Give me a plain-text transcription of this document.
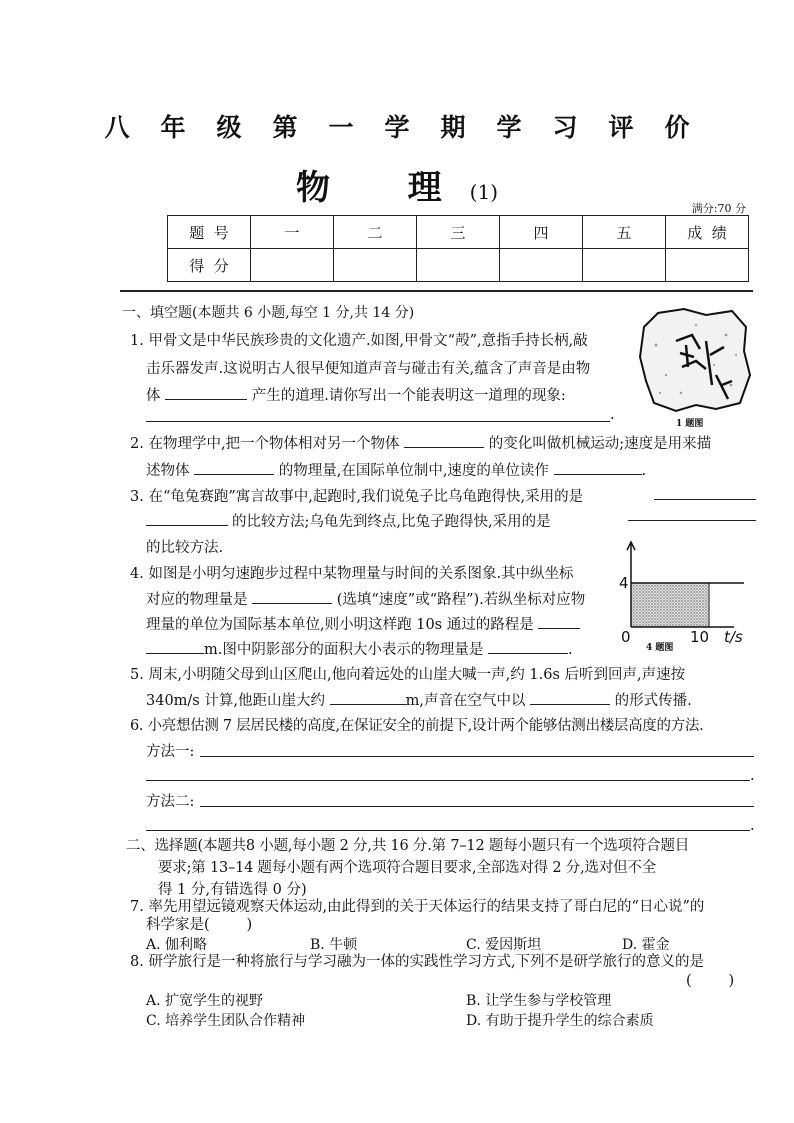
八 年 级 第 一 学 期 学 习 评 价
物  理 (1)
满分:70 分
题  号	一	二	三	四	五	成  绩
得  分						
一、填空题(本题共 6 小题,每空 1 分,共 14 分)
1. 甲骨文是中华民族珍贵的文化遗产.如图,甲骨文“殸”,意指手持长柄,敲
击乐器发声.这说明古人很早便知道声音与碰击有关,蕴含了声音是由物
体	产生的道理.请你写出一个能表明这一道理的现象:
.
1 题图
2. 在物理学中,把一个物体相对另一个物体	的变化叫做机械运动;速度是用来描
述物体	的物理量,在国际单位制中,速度的单位读作	.
3. 在“龟兔赛跑”寓言故事中,起跑时,我们说兔子比乌龟跑得快,采用的是
的比较方法;乌龟先到终点,比兔子跑得快,采用的是
的比较方法.
4. 如图是小明匀速跑步过程中某物理量与时间的关系图象.其中纵坐标
对应的物理量是	(选填“速度”或“路程”).若纵坐标对应物
理量的单位为国际基本单位,则小明这样跑 10s 通过的路程是
m.图中阴影部分的面积大小表示的物理量是	.
4
0	10 t/s
4 题图
5. 周末,小明随父母到山区爬山,他向着远处的山崖大喊一声,约 1.6s 后听到回声,声速按
340m/s 计算,他距山崖大约	m,声音在空气中以	的形式传播.
6. 小亮想估测 7 层居民楼的高度,在保证安全的前提下,设计两个能够估测出楼层高度的方法.
方法一:
.
方法二:
.
二、选择题(本题共8 小题,每小题 2 分,共 16 分.第 7–12 题每小题只有一个选项符合题目
要求;第 13–14 题每小题有两个选项符合题目要求,全部选对得 2 分,选对但不全
得 1 分,有错选得 0 分)
7. 率先用望远镜观察天体运动,由此得到的关于天体运行的结果支持了哥白尼的“日心说”的
科学家是(        )
A. 伽利略	B. 牛顿	C. 爱因斯坦	D. 霍金
8. 研学旅行是一种将旅行与学习融为一体的实践性学习方式,下列不是研学旅行的意义的是
(        )
A. 扩宽学生的视野	B. 让学生参与学校管理
C. 培养学生团队合作精神	D. 有助于提升学生的综合素质
